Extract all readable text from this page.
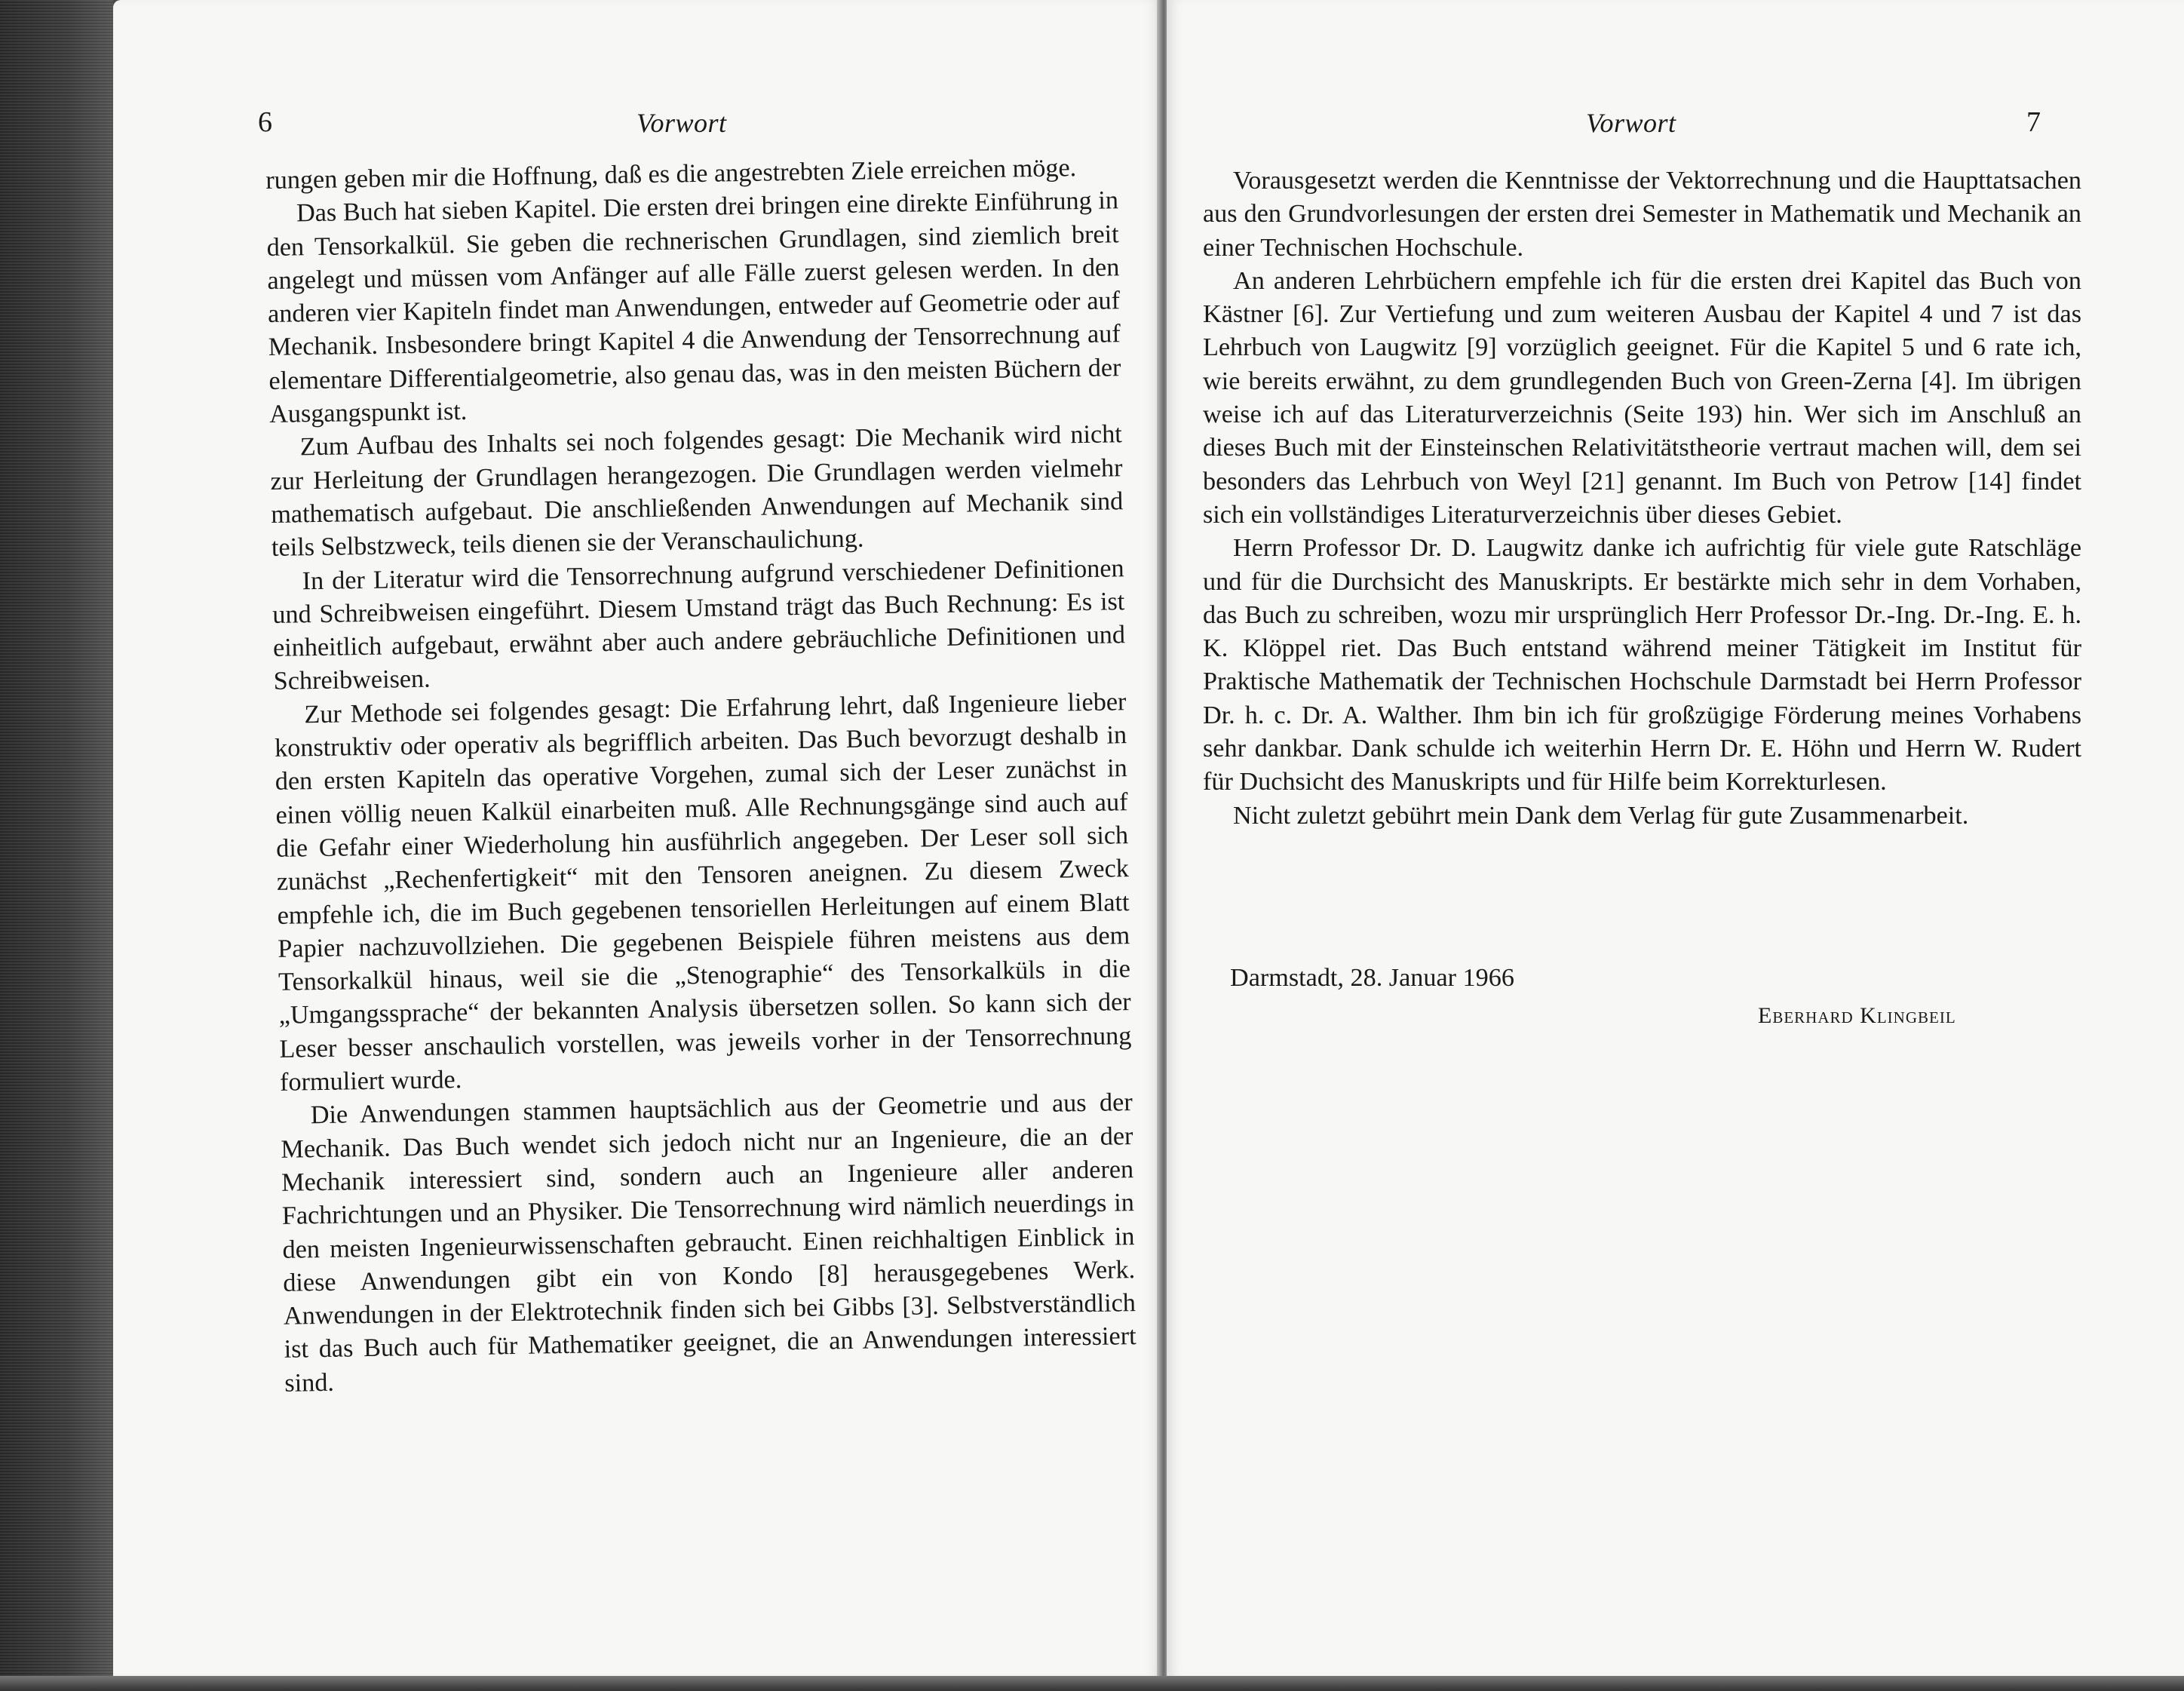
6	Vorwort

rungen geben mir die Hoffnung, daß es die angestrebten Ziele erreichen möge.

Das Buch hat sieben Kapitel. Die ersten drei bringen eine direkte Einführung in den Tensorkalkül. Sie geben die rechnerischen Grundlagen, sind ziemlich breit angelegt und müssen vom Anfänger auf alle Fälle zuerst gelesen werden. In den anderen vier Kapiteln findet man Anwendungen, entweder auf Geometrie oder auf Mechanik. Insbesondere bringt Kapitel 4 die Anwendung der Tensorrechnung auf elementare Differentialgeometrie, also genau das, was in den meisten Büchern der Ausgangspunkt ist.

Zum Aufbau des Inhalts sei noch folgendes gesagt: Die Mechanik wird nicht zur Herleitung der Grundlagen herangezogen. Die Grundlagen werden vielmehr mathematisch aufgebaut. Die anschließenden Anwendungen auf Mechanik sind teils Selbstzweck, teils dienen sie der Veranschaulichung.

In der Literatur wird die Tensorrechnung aufgrund verschiedener Definitionen und Schreibweisen eingeführt. Diesem Umstand trägt das Buch Rechnung: Es ist einheitlich aufgebaut, erwähnt aber auch andere gebräuchliche Definitionen und Schreibweisen.

Zur Methode sei folgendes gesagt: Die Erfahrung lehrt, daß Ingenieure lieber konstruktiv oder operativ als begrifflich arbeiten. Das Buch bevorzugt deshalb in den ersten Kapiteln das operative Vorgehen, zumal sich der Leser zunächst in einen völlig neuen Kalkül einarbeiten muß. Alle Rechnungsgänge sind auch auf die Gefahr einer Wiederholung hin ausführlich angegeben. Der Leser soll sich zunächst „Rechenfertigkeit“ mit den Tensoren aneignen. Zu diesem Zweck empfehle ich, die im Buch gegebenen tensoriellen Herleitungen auf einem Blatt Papier nachzuvollziehen. Die gegebenen Beispiele führen meistens aus dem Tensorkalkül hinaus, weil sie die „Stenographie“ des Tensorkalküls in die „Umgangssprache“ der bekannten Analysis übersetzen sollen. So kann sich der Leser besser anschaulich vorstellen, was jeweils vorher in der Tensorrechnung formuliert wurde.

Die Anwendungen stammen hauptsächlich aus der Geometrie und aus der Mechanik. Das Buch wendet sich jedoch nicht nur an Ingenieure, die an der Mechanik interessiert sind, sondern auch an Ingenieure aller anderen Fachrichtungen und an Physiker. Die Tensorrechnung wird nämlich neuerdings in den meisten Ingenieurwissenschaften gebraucht. Einen reichhaltigen Einblick in diese Anwendungen gibt ein von Kondo [8] herausgegebenes Werk. Anwendungen in der Elektrotechnik finden sich bei Gibbs [3]. Selbstverständlich ist das Buch auch für Mathematiker geeignet, die an Anwendungen interessiert sind.

Vorwort	7

Vorausgesetzt werden die Kenntnisse der Vektorrechnung und die Haupttatsachen aus den Grundvorlesungen der ersten drei Semester in Mathematik und Mechanik an einer Technischen Hochschule.

An anderen Lehrbüchern empfehle ich für die ersten drei Kapitel das Buch von Kästner [6]. Zur Vertiefung und zum weiteren Ausbau der Kapitel 4 und 7 ist das Lehrbuch von Laugwitz [9] vorzüglich geeignet. Für die Kapitel 5 und 6 rate ich, wie bereits erwähnt, zu dem grundlegenden Buch von Green-Zerna [4]. Im übrigen weise ich auf das Literaturverzeichnis (Seite 193) hin. Wer sich im Anschluß an dieses Buch mit der Einsteinschen Relativitätstheorie vertraut machen will, dem sei besonders das Lehrbuch von Weyl [21] genannt. Im Buch von Petrow [14] findet sich ein vollständiges Literaturverzeichnis über dieses Gebiet.

Herrn Professor Dr. D. Laugwitz danke ich aufrichtig für viele gute Ratschläge und für die Durchsicht des Manuskripts. Er bestärkte mich sehr in dem Vorhaben, das Buch zu schreiben, wozu mir ursprünglich Herr Professor Dr.-Ing. Dr.-Ing. E. h. K. Klöppel riet. Das Buch entstand während meiner Tätigkeit im Institut für Praktische Mathematik der Technischen Hochschule Darmstadt bei Herrn Professor Dr. h. c. Dr. A. Walther. Ihm bin ich für großzügige Förderung meines Vorhabens sehr dankbar. Dank schulde ich weiterhin Herrn Dr. E. Höhn und Herrn W. Rudert für Duchsicht des Manuskripts und für Hilfe beim Korrekturlesen.

Nicht zuletzt gebührt mein Dank dem Verlag für gute Zusammenarbeit.

Darmstadt, 28. Januar 1966
Eberhard Klingbeil
